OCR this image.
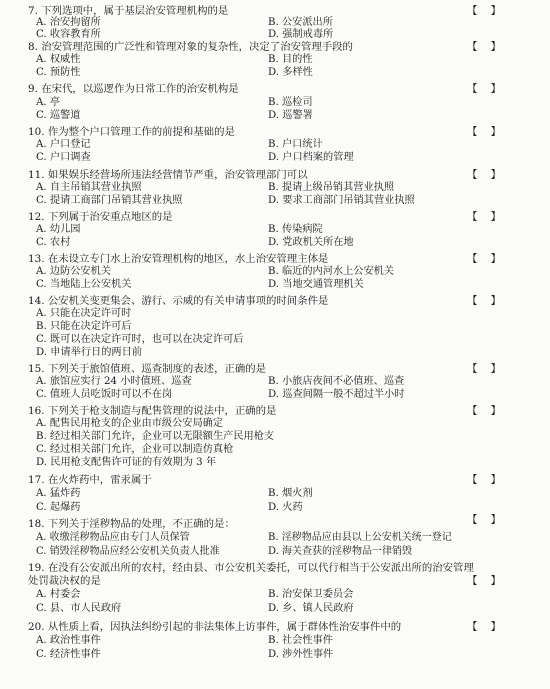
7. 下列选项中，属于基层治安管理机构的是	【    】
A. 治安拘留所	B. 公安派出所
C. 收容教育所	D. 强制戒毒所
8. 治安管理范围的广泛性和管理对象的复杂性，决定了治安管理手段的	【    】
A. 权威性	B. 目的性
C. 预防性	D. 多样性
9. 在宋代，以巡逻作为日常工作的治安机构是	【    】
A. 亭	B. 巡检司
C. 巡警道	D. 巡警署
10. 作为整个户口管理工作的前提和基础的是	【    】
A. 户口登记	B. 户口统计
C. 户口调查	D. 户口档案的管理
11. 如果娱乐经营场所违法经营情节严重，治安管理部门可以	【    】
A. 自主吊销其营业执照	B. 提请上级吊销其营业执照
C. 提请工商部门吊销其营业执照	D. 要求工商部门吊销其营业执照
12. 下列属于治安重点地区的是	【    】
A. 幼儿园	B. 传染病院
C. 农村	D. 党政机关所在地
13. 在未设立专门水上治安管理机构的地区，水上治安管理主体是	【    】
A. 边防公安机关	B. 临近的内河水上公安机关
C. 当地陆上公安机关	D. 当地交通管理机关
14. 公安机关变更集会、游行、示威的有关申请事项的时间条件是	【    】
A. 只能在决定许可时
B. 只能在决定许可后
C. 既可以在决定许可时，也可以在决定许可后
D. 申请举行日的两日前
15. 下列关于旅馆值班、巡查制度的表述，正确的是	【    】
A. 旅馆应实行 24 小时值班、巡查	B. 小旅店夜间不必值班、巡查
C. 值班人员吃饭时可以不在岗	D. 巡查间隔一般不超过半小时
16. 下列关于枪支制造与配售管理的说法中，正确的是	【    】
A. 配售民用枪支的企业由市级公安局确定
B. 经过相关部门允许，企业可以无限额生产民用枪支
C. 经过相关部门允许，企业可以制造仿真枪
D. 民用枪支配售许可证的有效期为 3 年
17. 在火炸药中，雷汞属于	【    】
A. 猛炸药	B. 烟火剂
C. 起爆药	D. 火药
18. 下列关于淫秽物品的处理，不正确的是：	【    】
A. 收缴淫秽物品应由专门人员保管	B. 淫秽物品应由县以上公安机关统一登记
C. 销毁淫秽物品应经公安机关负责人批准	D. 海关查获的淫秽物品一律销毁
19. 在没有公安派出所的农村，经由县、市公安机关委托，可以代行相当于公安派出所的治安管理
处罚裁决权的是	【    】
A. 村委会	B. 治安保卫委员会
C. 县、市人民政府	D. 乡、镇人民政府
20. 从性质上看，因执法纠纷引起的非法集体上访事件，属于群体性治安事件中的	【    】
A. 政治性事件	B. 社会性事件
C. 经济性事件	D. 涉外性事件
